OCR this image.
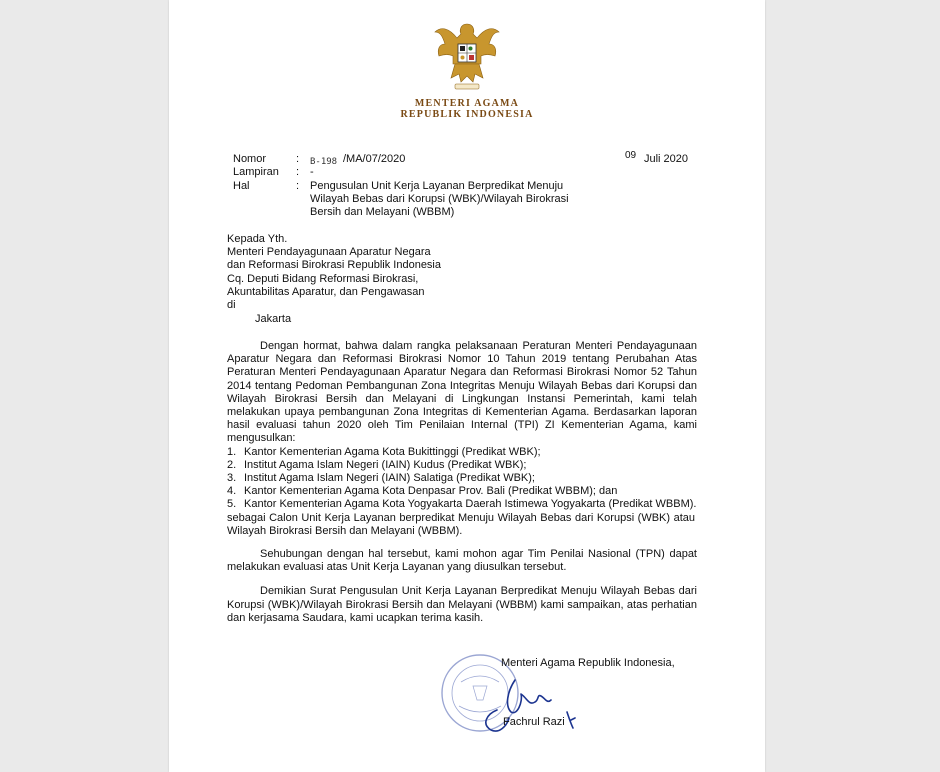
MENTERI AGAMA
REPUBLIK INDONESIA
Nomor	: B-198 /MA/07/2020	09 Juli 2020
Lampiran : -
Hal	: Pengusulan Unit Kerja Layanan Berpredikat Menuju
Wilayah Bebas dari Korupsi (WBK)/Wilayah Birokrasi
Bersih dan Melayani (WBBM)
Kepada Yth.
Menteri Pendayagunaan Aparatur Negara
dan Reformasi Birokrasi Republik Indonesia
Cq. Deputi Bidang Reformasi Birokrasi,
Akuntabilitas Aparatur, dan Pengawasan
di
Jakarta

Dengan hormat, bahwa dalam rangka pelaksanaan Peraturan Menteri Pendayagunaan Aparatur Negara dan Reformasi Birokrasi Nomor 10 Tahun 2019 tentang Perubahan Atas Peraturan Menteri Pendayagunaan Aparatur Negara dan Reformasi Birokrasi Nomor 52 Tahun 2014 tentang Pedoman Pembangunan Zona Integritas Menuju Wilayah Bebas dari Korupsi dan Wilayah Birokrasi Bersih dan Melayani di Lingkungan Instansi Pemerintah, kami telah melakukan upaya pembangunan Zona Integritas di Kementerian Agama. Berdasarkan laporan hasil evaluasi tahun 2020 oleh Tim Penilaian Internal (TPI) ZI Kementerian Agama, kami mengusulkan:

1. Kantor Kementerian Agama Kota Bukittinggi (Predikat WBK);
2. Institut Agama Islam Negeri (IAIN) Kudus (Predikat WBK);
3. Institut Agama Islam Negeri (IAIN) Salatiga (Predikat WBK);
4. Kantor Kementerian Agama Kota Denpasar Prov. Bali (Predikat WBBM); dan
5. Kantor Kementerian Agama Kota Yogyakarta Daerah Istimewa Yogyakarta (Predikat WBBM).

sebagai Calon Unit Kerja Layanan berpredikat Menuju Wilayah Bebas dari Korupsi (WBK) atau Wilayah Birokrasi Bersih dan Melayani (WBBM).

Sehubungan dengan hal tersebut, kami mohon agar Tim Penilai Nasional (TPN) dapat melakukan evaluasi atas Unit Kerja Layanan yang diusulkan tersebut.

Demikian Surat Pengusulan Unit Kerja Layanan Berpredikat Menuju Wilayah Bebas dari Korupsi (WBK)/Wilayah Birokrasi Bersih dan Melayani (WBBM) kami sampaikan, atas perhatian dan kerjasama Saudara, kami ucapkan terima kasih.

Menteri Agama Republik Indonesia,
Fachrul Razi
